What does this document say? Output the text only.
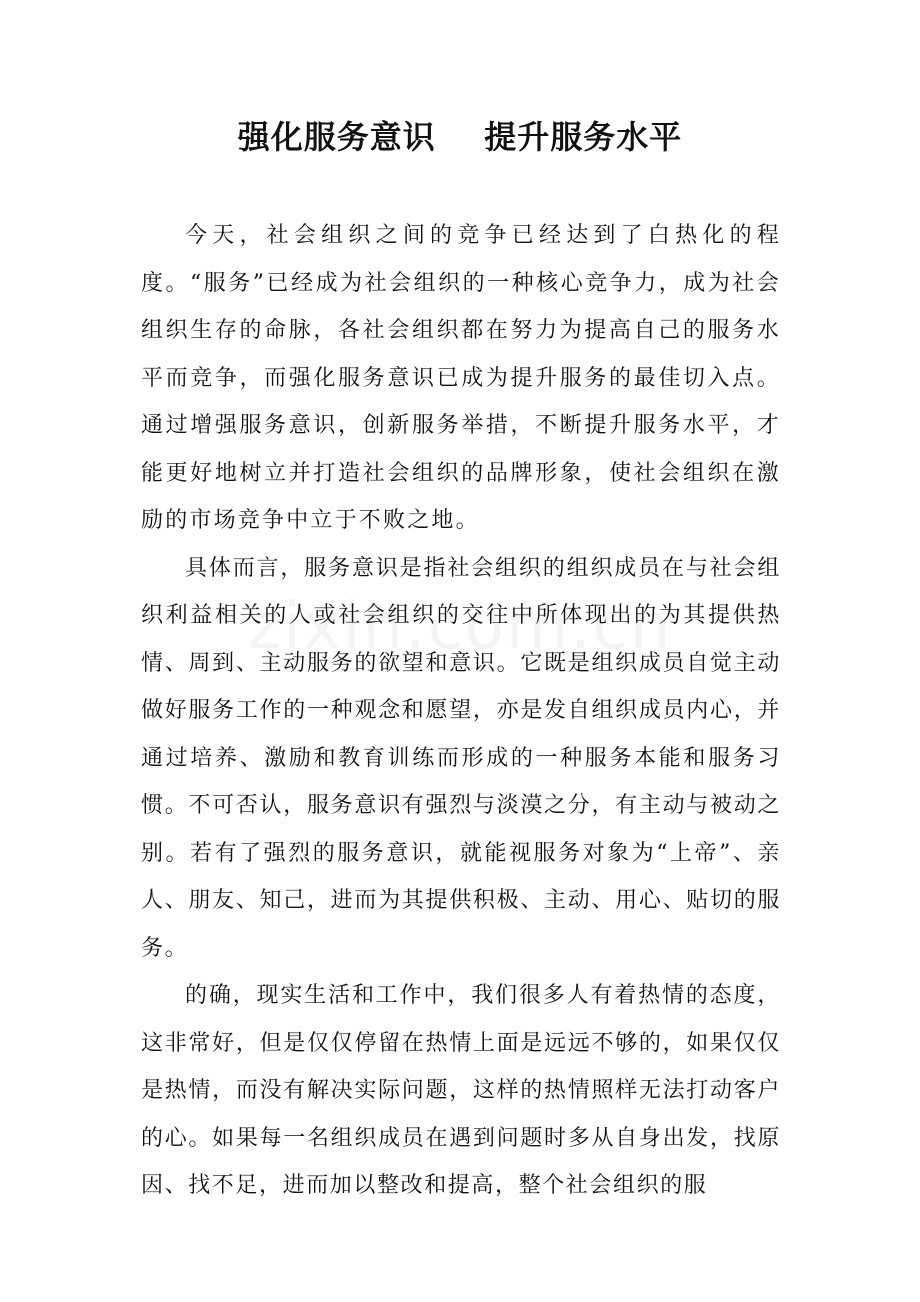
强化服务意识    提升服务水平

今天，社会组织之间的竞争已经达到了白热化的程度。“服务”已经成为社会组织的一种核心竞争力，成为社会组织生存的命脉，各社会组织都在努力为提高自己的服务水平而竞争，而强化服务意识已成为提升服务的最佳切入点。通过增强服务意识，创新服务举措，不断提升服务水平，才能更好地树立并打造社会组织的品牌形象，使社会组织在激励的市场竞争中立于不败之地。

具体而言，服务意识是指社会组织的组织成员在与社会组织利益相关的人或社会组织的交往中所体现出的为其提供热情、周到、主动服务的欲望和意识。它既是组织成员自觉主动做好服务工作的一种观念和愿望，亦是发自组织成员内心，并通过培养、激励和教育训练而形成的一种服务本能和服务习惯。不可否认，服务意识有强烈与淡漠之分，有主动与被动之别。若有了强烈的服务意识，就能视服务对象为“上帝”、亲人、朋友、知己，进而为其提供积极、主动、用心、贴切的服务。

的确，现实生活和工作中，我们很多人有着热情的态度，这非常好，但是仅仅停留在热情上面是远远不够的，如果仅仅是热情，而没有解决实际问题，这样的热情照样无法打动客户的心。如果每一名组织成员在遇到问题时多从自身出发，找原因、找不足，进而加以整改和提高，整个社会组织的服
